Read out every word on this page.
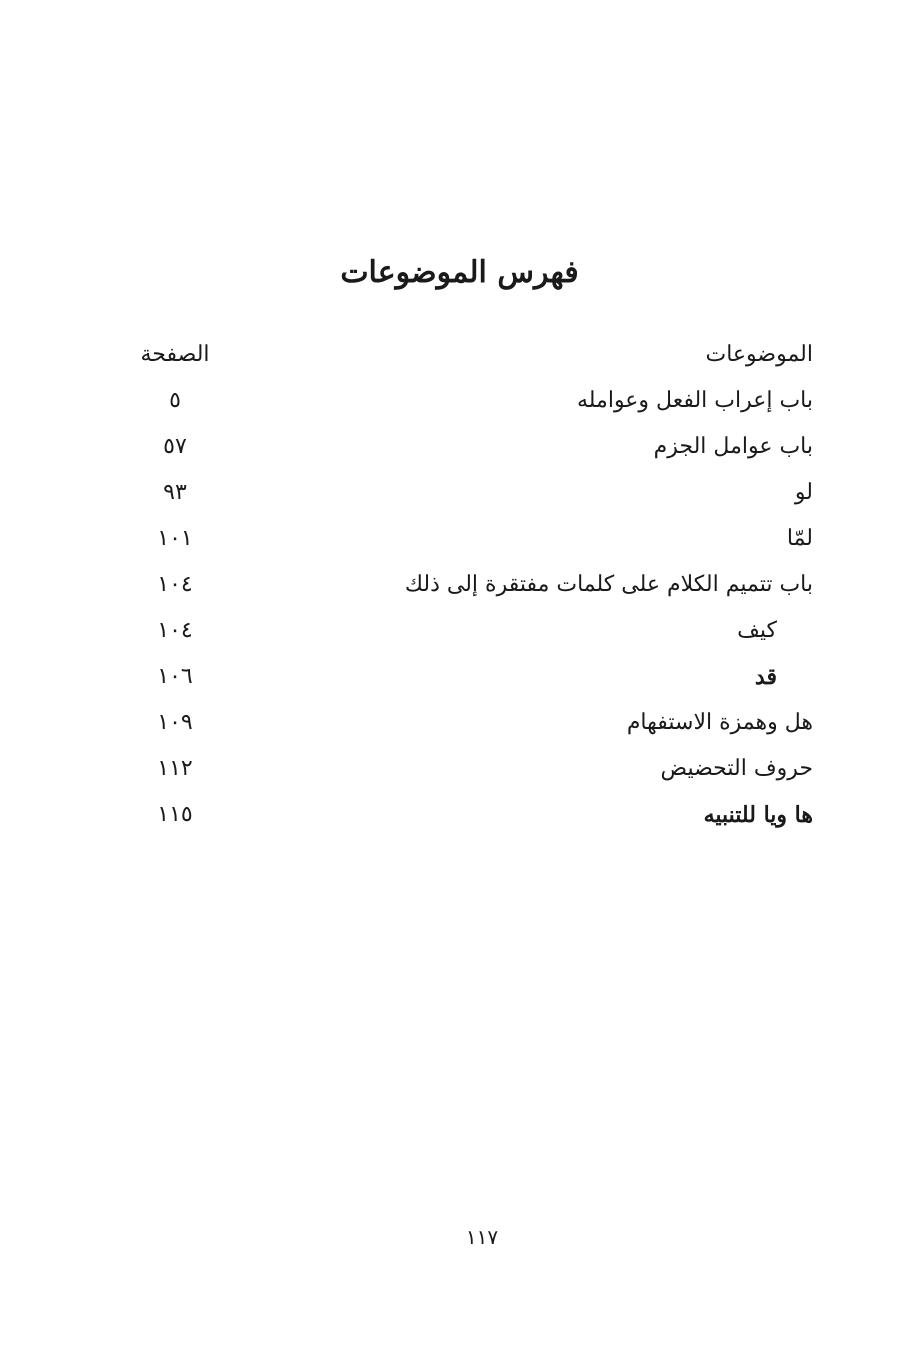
فهرس الموضوعات
الموضوعات
الصفحة
باب إعراب الفعل وعوامله
٥
باب عوامل الجزم
٥٧
لو
٩٣
لمّا
١٠١
باب تتميم الكلام على كلمات مفتقرة إلى ذلك
١٠٤
كيف
١٠٤
قد
١٠٦
هل وهمزة الاستفهام
١٠٩
حروف التحضيض
١١٢
ها ويا للتنبيه
١١٥
١١٧
